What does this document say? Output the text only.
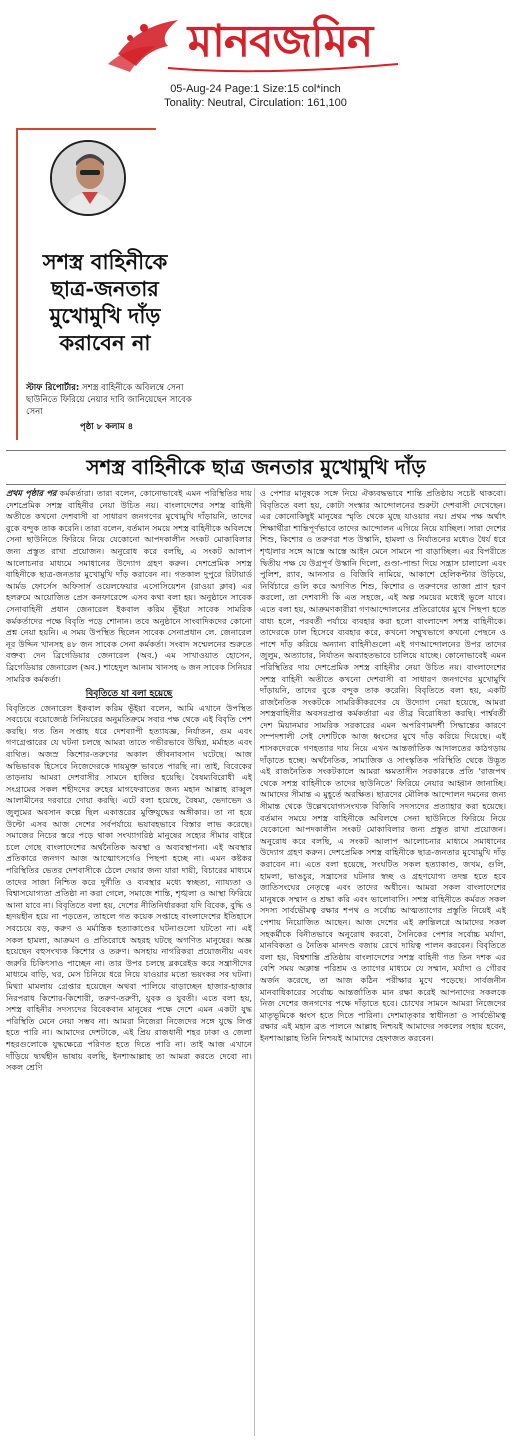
মানবজমিন
05-Aug-24 Page:1 Size:15 col*inch
Tonality: Neutral, Circulation: 161,100
সশস্ত্র বাহিনীকে ছাত্র-জনতার মুখোমুখি দাঁড় করাবেন না
স্টাফ রিপোর্টার: সশস্ত্র বাহিনীকে অবিলম্বে সেনা ছাউনিতে ফিরিয়ে নেয়ার দাবি জানিয়েছেন সাবেক সেনা
পৃষ্ঠা ৮ কলাম ৪
সশস্ত্র বাহিনীকে ছাত্র জনতার মুখোমুখি দাঁড়

প্রথম পৃষ্ঠার পর কর্মকর্তারা। তারা বলেন, কোনোভাবেই এমন পরিস্থিতির দায় দেশপ্রেমিক সশস্ত্র বাহিনীর নেয়া উচিত নয়। বাংলাদেশের সশস্ত্র বাহিনী অতীতে কখনো দেশবাসী বা সাধারণ জনগণের মুখোমুখি দাঁড়ায়নি, তাদের বুকে বন্দুক তাক করেনি। তারা বলেন, বর্তমান সময়ে সশস্ত্র বাহিনীকে অবিলম্বে সেনা ছাউনিতে ফিরিয়ে নিয়ে যেকোনো আপদকালীন সংকট মোকাবিলার জন্য প্রস্তুত রাখা প্রয়োজন। অনুরোধ করে বলছি, এ সংকট আলাপ আলোচনার মাধ্যমে সমাধানের উদ্যোগ গ্রহণ করুন। দেশপ্রেমিক সশস্ত্র বাহিনীকে ছাত্র-জনতার মুখোমুখি দাঁড় করাবেন না। গতকাল দুপুরে রিটায়ার্ড আর্মড ফোর্সেস অফিসার্স ওয়েলফেয়ার এসোসিয়েশন (রাওয়া ক্লাব) এর হলরুমে আয়োজিত প্রেস কনফারেন্সে এসব কথা বলা হয়। অনুষ্ঠানে সাবেক সেনাবাহিনী প্রধান জেনারেল ইকবাল করিম ভূঁইয়া সাবেক সামরিক কর্মকর্তাদের পক্ষে বিবৃতি পড়ে শোনান। তবে অনুষ্ঠানে সাংবাদিকদের কোনো প্রশ্ন নেয়া হয়নি। এ সময় উপস্থিত ছিলেন সাবেক সেনাপ্রধান লে. জেনারেল নূর উদ্দিন খানসহ ৪৮ জন সাবেক সেনা কর্মকর্তা। সংবাদ সম্মেলনের শুরুতে বক্তব্য দেন ব্রিগেডিয়ার জেনারেল (অব.) এম সাখাওয়াত হোসেন, ব্রিগেডিয়ার জেনারেল (অব.) শাহেদুল আনাম খানসহ ৬ জন সাবেক সিনিয়র সামরিক কর্মকর্তা।

বিবৃতিতে যা বলা হয়েছে

বিবৃতিতে জেনারেল ইকবাল করিম ভূঁইয়া বলেন, আমি এখানে উপস্থিত সবচেয়ে বয়োজ্যেষ্ঠ সিনিয়রের অনুমতিক্রমে সবার পক্ষ থেকে এই বিবৃতি পেশ করছি। গত তিন সপ্তাহ ধরে দেশব্যাপী হত্যাযজ্ঞ, নির্যাতন, গুম এবং গণগ্রেপ্তারের যে ঘটনা চলছে আমরা তাতে গভীরভাবে উদ্বিগ্ন, মর্মাহত এবং ব্যথিত। অজস্র কিশোর-তরুণের অকাল জীবনাবসান ঘটেছে। আজ অভিভাবক হিসেবে নিজেদেরকে দায়মুক্ত ভাবতে পারছি না। তাই, বিবেকের তাড়নায় আমরা দেশবাসীর সামনে হাজির হয়েছি। বৈষম্যবিরোধী এই সংগ্রামের সকল শহীদদের রুহের মাগফেরাতের জন্য মহান আল্লাহ রাব্বুল আলামীনের দরবারে দোয়া করছি। এটে বলা হয়েছে, বৈষম্য, ভেদাভেদ ও জুলুমের অবসান কল্পে ছিল একাত্তরের মুক্তিযুদ্ধের অঙ্গীকার। তা না হয়ে উল্টো এসব আজ দেশের সর্বপর্যায়ে ভয়াবহভাবে বিস্তার লাভ করেছে। সমাজের নিচের স্তরে পড়ে থাকা সংখ্যাগরিষ্ঠ মানুষের সহ্যের সীমার বাইরে চলে গেছে বাংলাদেশের অর্থনৈতিক অবস্থা ও অব্যবস্থাপনা। এই অবস্থার প্রতিকারে জনগণ আজ আত্মোৎসর্গেও পিছপা হচ্ছে না। এমন কষ্টকর পরিস্থিতির ভেতর দেশবাসীকে ঠেলে দেয়ার জন্য যারা দায়ী, বিচারের মাধ্যমে তাদের সাজা নিশ্চিত করে দুর্নীতি ও ব্যবস্থার মধ্যে স্বচ্ছতা, ন্যায্যতা ও বিশ্বাসযোগ্যতা প্রতিষ্ঠা না করা গেলে, সমাজে শান্তি, শৃঙ্খলা ও আস্থা ফিরিয়ে আনা যাবে না। বিবৃতিতে বলা হয়, দেশের নীতিনির্ধারকরা যদি বিবেক, বুদ্ধি ও হৃদয়হীন হয়ে না পড়তেন, তাহলে গত কয়েক সপ্তাহে বাংলাদেশের ইতিহাসে সবচেয়ে বড়, করুণ ও মর্মান্তিক হত্যাকাণ্ডের ঘটনাগুলো ঘটতো না। এই সকল হামলা, আক্রমণ ও প্রতিরোধে অহরহ ঘটছে অগণিত মানুষের। অজ্ঞ হয়েছেন বহুসংখ্যক কিশোর ও তরুণ। অসহায় নাগরিকরা প্রয়োজনীয় এবং জরুরি চিকিৎসাও পাচ্ছেন না। তার উপর চলছে ব্লকরেইড করে সন্ত্রাসীদের মাধ্যমে বাড়ি, ঘর, মেস চিনিয়ে ধরে নিয়ে যাওয়ার মতো ভয়ংকর সব ঘটনা। মিথ্যা মামলায় গ্রেপ্তার হয়েছেন অথবা পালিয়ে বাড়াচ্ছেন হাজার-হাজার নিরপরাধ কিশোর-কিশোরী, তরুণ-তরুণী, যুবক ও যুবতী। এতে বলা হয়, সশস্ত্র বাহিনীর সদস্যদের বিবেকবান মানুষের পক্ষে দেশে এমন একটা যুদ্ধ পরিস্থিতি মেনে নেয়া সম্ভব না। আমরা নিজেরা নিজেদের সঙ্গে যুদ্ধে লিপ্ত হতে পারি না। আমাদের দেশটাকে, এই প্রিয় রাজধানী শহর ঢাকা ও জেলা শহরগুলোকে যুদ্ধক্ষেত্রে পরিণত হতে দিতে পারি না। তাই আজ এখানে দাঁড়িয়ে দ্ব্যর্থহীন ভাষায় বলছি, ইনশাআল্লাহ তা আমরা করতে দেবো না। সকল শ্রেণি

ও পেশার মানুষকে সঙ্গে নিয়ে ঐক্যবদ্ধভাবে শান্তি প্রতিষ্ঠায় সচেষ্ট থাকবো। বিবৃতিতে বলা হয়, কোটা সংস্কার আন্দোলনের শুরুটা দেশবাসী দেখেছেন। এর কোনোকিছুই মানুষের স্মৃতি থেকে মুছে যাওয়ার নয়। প্রথম পক্ষ অর্থাৎ শিক্ষার্থীরা শান্তিপূর্ণভাবে তাদের আন্দোলন এগিয়ে নিয়ে যাচ্ছিল। সারা দেশের শিশু, কিশোর ও তরুণরা শত উস্কানি, হামলা ও নির্যাতনের মধ্যেও ধৈর্য ধরে শৃঙ্খলার সঙ্গে আস্তে আস্তে আইন মেনে সামনে পা বাড়াচ্ছিল। এর বিপরীতে দ্বিতীয় পক্ষ যে উগ্রপূর্ণ উস্কানি দিলো, গুণ্ডা-পান্ডা দিয়ে সন্ত্রাস চালালো এবং পুলিশ, র‌্যাব, আনসার ও বিজিবি নামিয়ে, আকাশে হেলিকপ্টার উড়িয়ে, নির্বিচারে গুলি করে অগণিত শিশু, কিশোর ও তরুণদের তাজা প্রাণ হরণ করলো, তা দেশবাসী কি এত সহজে, এই অল্প সময়ের মধ্যেই ভুলে যাবে। এতে বলা হয়, আক্রমণকারীরা গণআন্দোলনের প্রতিরোধের মুখে পিছপা হতে বাধ্য হলে, পরবর্তী পর্যায়ে ব্যবহার করা হলো বাংলাদেশ সশস্ত্র বাহিনীকে। তাদেরকে ঢাল হিসেবে ব্যবহার করে, কখনো সম্মুখভাগে কখনো পেছনে ও পাশে দাঁড় করিয়ে অন্যান্য বাহিনীগুলো এই গণআন্দোলনের উপর তাদের জুলুম, অত্যাচার, নির্যাতন অব্যাহতভাবে চালিয়ে যাচ্ছে। কোনোভাবেই এমন পরিস্থিতির দায় দেশপ্রেমিক সশস্ত্র বাহিনীর নেয়া উচিত নয়। বাংলাদেশের সশস্ত্র বাহিনী অতীতে কখনো দেশবাসী বা সাধারণ জনগণের মুখোমুখি দাঁড়ায়নি, তাদের বুকে বন্দুক তাক করেনি। বিবৃতিতে বলা হয়, একটি রাজনৈতিক সংকটকে সামরিকীকরণের যে উদ্যোগ নেয়া হয়েছে, আমরা সশস্ত্রবাহিনীর অবসরপ্রাপ্ত কর্মকর্তারা এর তীব্র বিরোধিতা করছি। পার্শ্ববর্তী দেশ মিয়ানমার সামরিক সরকারের এমন অপরিণামদর্শী সিদ্ধান্তের কারণে সম্পদশালী সেই দেশটিকে আজ ধ্বংসের মুখে দাঁড় করিয়ে দিয়েছে। এই শাসকদেরকে গণহত্যার দায় নিয়ে এখন আন্তর্জাতিক আদালতের কাঠগড়ায় দাঁড়াতে হচ্ছে। অর্থনৈতিক, সামাজিক ও সাংস্কৃতিক পরিস্থিতি থেকে উদ্ভূত এই রাজনৈতিক সংকটকালে আমরা ক্ষমতাসীন সরকারকে প্রতি 'রাজপথ থেকে সশস্ত্র বাহিনীকে তাদের ছাউনিতে' ফিরিয়ে নেয়ার আহ্বান জানাচ্ছি। আমাদের সীমান্ত এ মুহূর্তে অরক্ষিত। ছাত্রদের মৌলিক আন্দোলন দমনের জন্য সীমান্ত থেকে উল্লেখযোগ্যসংখ্যক বিজিবি সদস্যদের প্রত্যাহার করা হয়েছে। বর্তমান সময়ে সশস্ত্র বাহিনীকে অবিলম্বে সেনা ছাউনিতে ফিরিয়ে নিয়ে যেকোনো আপদকালীন সংকট মোকাবিলার জন্য প্রস্তুত রাখা প্রয়োজন। অনুরোধ করে বলছি, এ সংকট আলাপ আলোচনার মাধ্যমে সমাধানের উদ্যোগ গ্রহণ করুন। দেশপ্রেমিক সশস্ত্র বাহিনীকে ছাত্র-জনতার মুখোমুখি দাঁড় করাবেন না। এতে বলা হয়েছে, সংঘটিত সকল হত্যাকাণ্ড, জখম, গুলি, হামলা, ভাঙচুর, সন্ত্রাসের ঘটনার স্বচ্ছ ও গ্রহণযোগ্য তদন্ত হতে হবে জাতিসংঘের নেতৃত্বে এবং তাদের অধীনে। আমরা সকল বাংলাদেশের মানুষকে সম্মান ও শ্রদ্ধা করি এবং ভালোবাসি। সশস্ত্র বাহিনীতে কর্মরত সকল সদস্য সার্বভৌমত্ব রক্ষার শপথ ও সর্বোচ্চ আত্মত্যাগের প্রস্তুতি নিয়েই এই পেশায় নিয়োজিত আছেন। আজ দেশের এই ক্রান্তিলগ্নে আমাদের সকল সহকর্মীকে বিনীতভাবে অনুরোধ করবো, সৈনিকের পেশার সর্বোচ্চ মর্যাদা, মানবিকতা ও নৈতিক মানদণ্ড বজায় রেখে দায়িত্ব পালন করবেন। বিবৃতিতে বলা হয়, বিশ্বশান্তি প্রতিষ্ঠায় বাংলাদেশের সশস্ত্র বাহিনী গত তিন দশক এর বেশি সময় অক্লান্ত পরিশ্রম ও ত্যাগের মাধ্যমে যে সম্মান, মর্যাদা ও গৌরব অর্জন করেছে, তা আজ কঠিন পরীক্ষার মুখে পড়েছে। সার্বজনীন মানবাধিকারের সর্বোচ্চ আন্তর্জাতিক মান রক্ষা করেই আপনাদের সকলকে নিজ দেশের জনগণের পক্ষে দাঁড়াতে হবে। চোখের সামনে আমরা নিজেদের মাতৃভূমিকে ধ্বংস হতে দিতে পারিনা। দেশমাতৃকার স্বাধীনতা ও সার্বভৌমত্ব রক্ষার এই মহান ব্রত পালনে আল্লাহ নিশ্চয়ই আমাদের সকলের সহায় হবেন, ইনশাআল্লাহ তিনি নিশ্চয়ই আমাদের হেফাজত করবেন।
